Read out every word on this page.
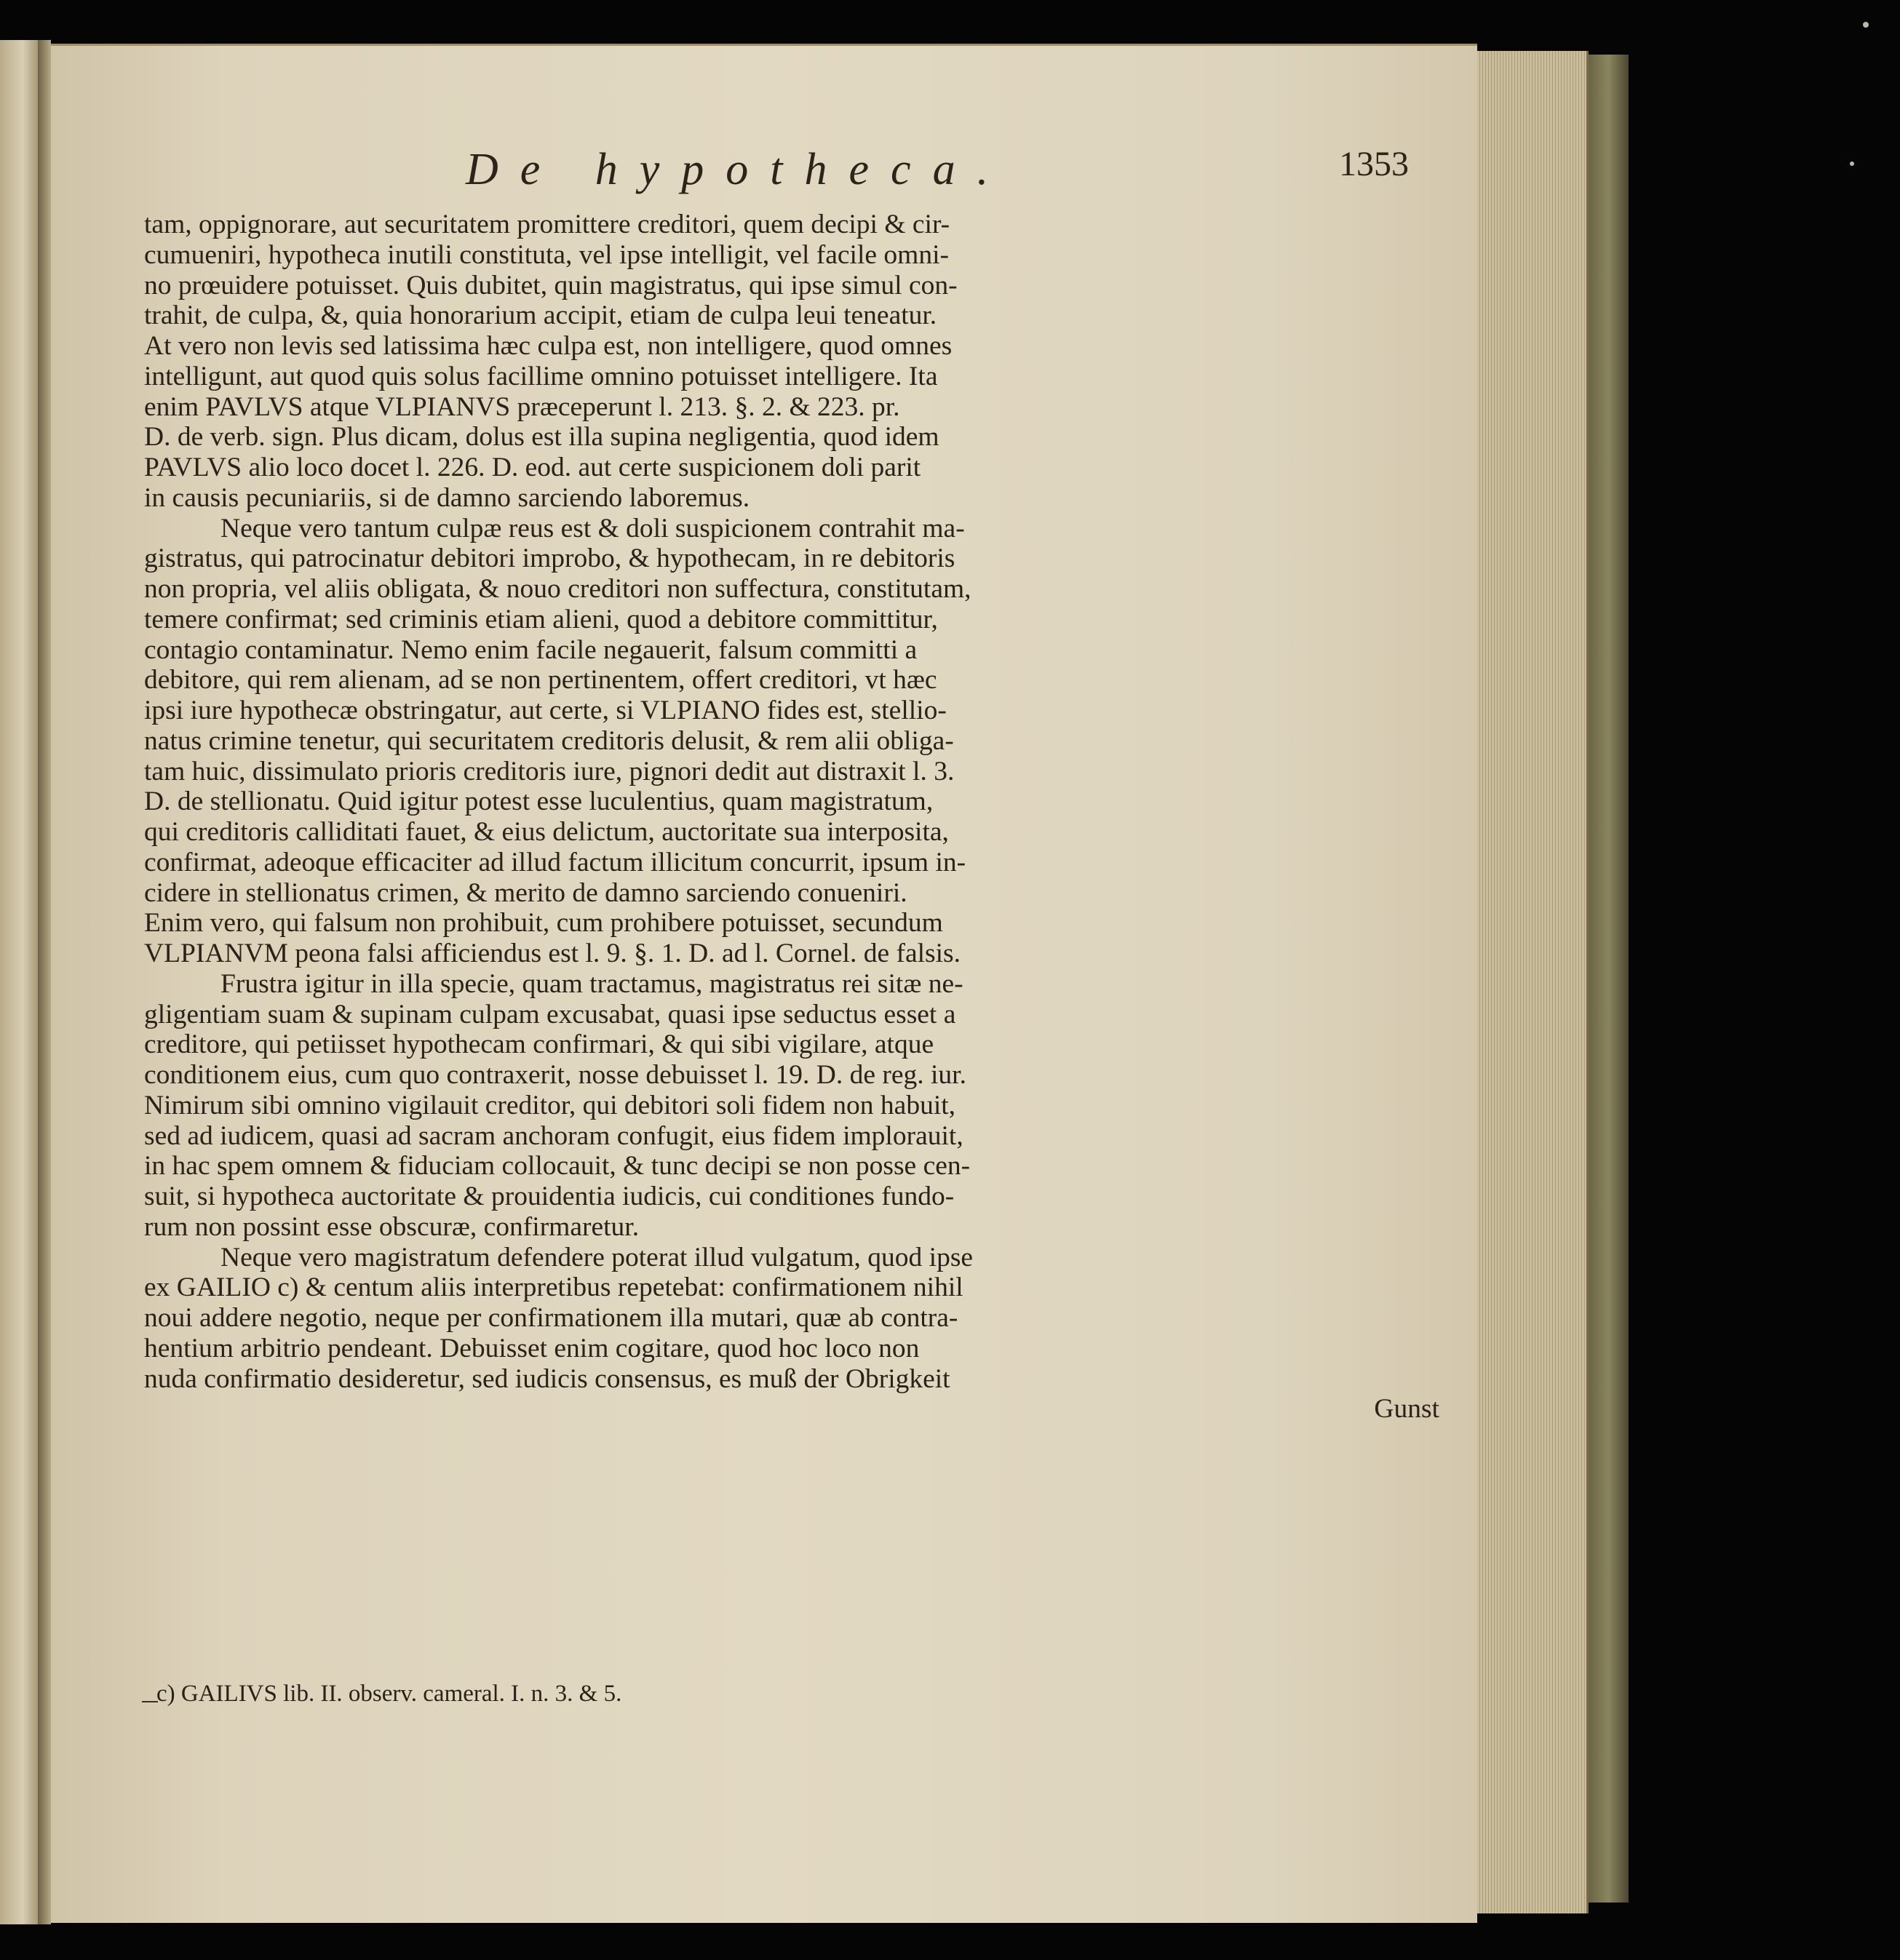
De hypotheca.	1353
tam, oppignorare, aut securitatem promittere creditori, quem decipi & cir-
cumueniri, hypotheca inutili constituta, vel ipse intelligit, vel facile omni-
no prœuidere potuisset. Quis dubitet, quin magistratus, qui ipse simul con-
trahit, de culpa, &, quia honorarium accipit, etiam de culpa leui teneatur.
At vero non levis sed latissima hæc culpa est, non intelligere, quod omnes
intelligunt, aut quod quis solus facillime omnino potuisset intelligere. Ita
enim PAVLVS atque VLPIANVS præceperunt l. 213. §. 2. & 223. pr.
D. de verb. sign. Plus dicam, dolus est illa supina negligentia, quod idem
PAVLVS alio loco docet l. 226. D. eod. aut certe suspicionem doli parit
in causis pecuniariis, si de damno sarciendo laboremus.
Neque vero tantum culpæ reus est & doli suspicionem contrahit ma-
gistratus, qui patrocinatur debitori improbo, & hypothecam, in re debitoris
non propria, vel aliis obligata, & nouo creditori non suffectura, constitutam,
temere confirmat; sed criminis etiam alieni, quod a debitore committitur,
contagio contaminatur. Nemo enim facile negauerit, falsum committi a
debitore, qui rem alienam, ad se non pertinentem, offert creditori, vt hæc
ipsi iure hypothecæ obstringatur, aut certe, si VLPIANO fides est, stellio-
natus crimine tenetur, qui securitatem creditoris delusit, & rem alii obliga-
tam huic, dissimulato prioris creditoris iure, pignori dedit aut distraxit l. 3.
D. de stellionatu. Quid igitur potest esse luculentius, quam magistratum,
qui creditoris calliditati fauet, & eius delictum, auctoritate sua interposita,
confirmat, adeoque efficaciter ad illud factum illicitum concurrit, ipsum in-
cidere in stellionatus crimen, & merito de damno sarciendo conueniri.
Enim vero, qui falsum non prohibuit, cum prohibere potuisset, secundum
VLPIANVM peona falsi afficiendus est l. 9. §. 1. D. ad l. Cornel. de falsis.
Frustra igitur in illa specie, quam tractamus, magistratus rei sitæ ne-
gligentiam suam & supinam culpam excusabat, quasi ipse seductus esset a
creditore, qui petiisset hypothecam confirmari, & qui sibi vigilare, atque
conditionem eius, cum quo contraxerit, nosse debuisset l. 19. D. de reg. iur.
Nimirum sibi omnino vigilauit creditor, qui debitori soli fidem non habuit,
sed ad iudicem, quasi ad sacram anchoram confugit, eius fidem implorauit,
in hac spem omnem & fiduciam collocauit, & tunc decipi se non posse cen-
suit, si hypotheca auctoritate & prouidentia iudicis, cui conditiones fundo-
rum non possint esse obscuræ, confirmaretur.
Neque vero magistratum defendere poterat illud vulgatum, quod ipse
ex GAILIO c) & centum aliis interpretibus repetebat: confirmationem nihil
noui addere negotio, neque per confirmationem illa mutari, quæ ab contra-
hentium arbitrio pendeant. Debuisset enim cogitare, quod hoc loco non
nuda confirmatio desideretur, sed iudicis consensus, es muß der Obrigkeit
Gunst
c) GAILIVS lib. II. observ. cameral. I. n. 3. & 5.
